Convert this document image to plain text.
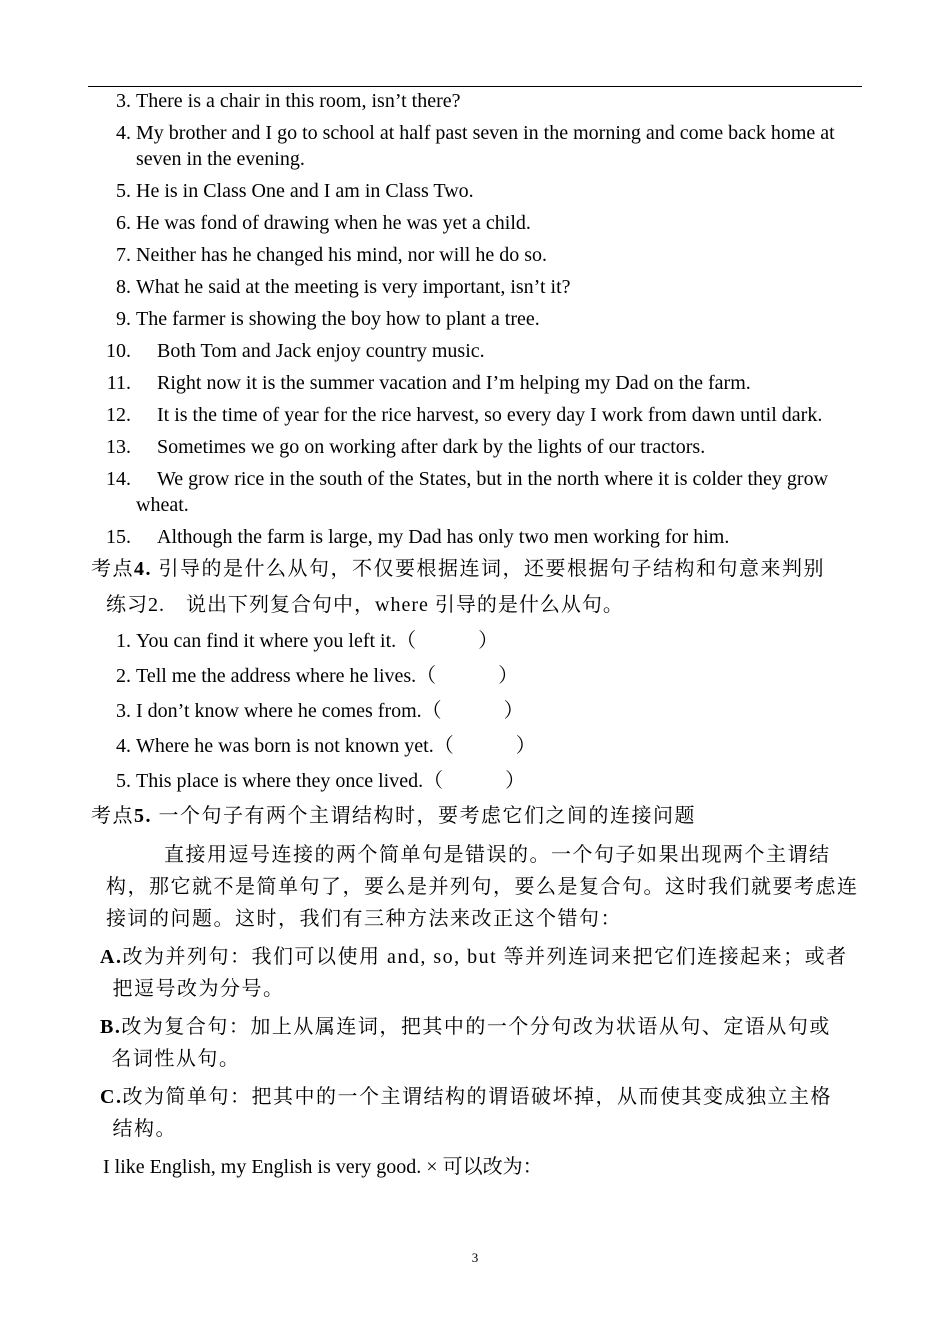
3. There is a chair in this room, isn’t there?
4. My brother and I go to school at half past seven in the morning and come back home at seven in the evening.
5. He is in Class One and I am in Class Two.
6. He was fond of drawing when he was yet a child.
7. Neither has he changed his mind, nor will he do so.
8. What he said at the meeting is very important, isn’t it?
9. The farmer is showing the boy how to plant a tree.
10.	Both Tom and Jack enjoy country music.
11.	Right now it is the summer vacation and I’m helping my Dad on the farm.
12.	It is the time of year for the rice harvest, so every day I work from dawn until dark.
13.	Sometimes we go on working after dark by the lights of our tractors.
14.	We grow rice in the south of the States, but in the north where it is colder they grow wheat.
15.	Although the farm is large, my Dad has only two men working for him.
考点4. 引导的是什么从句，不仅要根据连词，还要根据句子结构和句意来判别
练习2.　说出下列复合句中，where 引导的是什么从句。
1. You can find it where you left it.（	）
2. Tell me the address where he lives.（	）
3. I don’t know where he comes from.（	）
4. Where he was born is not known yet.（	）
5. This place is where they once lived.（	）
考点5. 一个句子有两个主谓结构时，要考虑它们之间的连接问题
直接用逗号连接的两个简单句是错误的。一个句子如果出现两个主谓结构，那它就不是简单句了，要么是并列句，要么是复合句。这时我们就要考虑连接词的问题。这时，我们有三种方法来改正这个错句：
A. 改为并列句：我们可以使用 and, so, but 等并列连词来把它们连接起来；或者
把逗号改为分号。
B. 改为复合句：加上从属连词，把其中的一个分句改为状语从句、定语从句或
名词性从句。
C. 改为简单句：把其中的一个主谓结构的谓语破坏掉，从而使其变成独立主格
结构。
I like English, my English is very good. × 可以改为：
3
